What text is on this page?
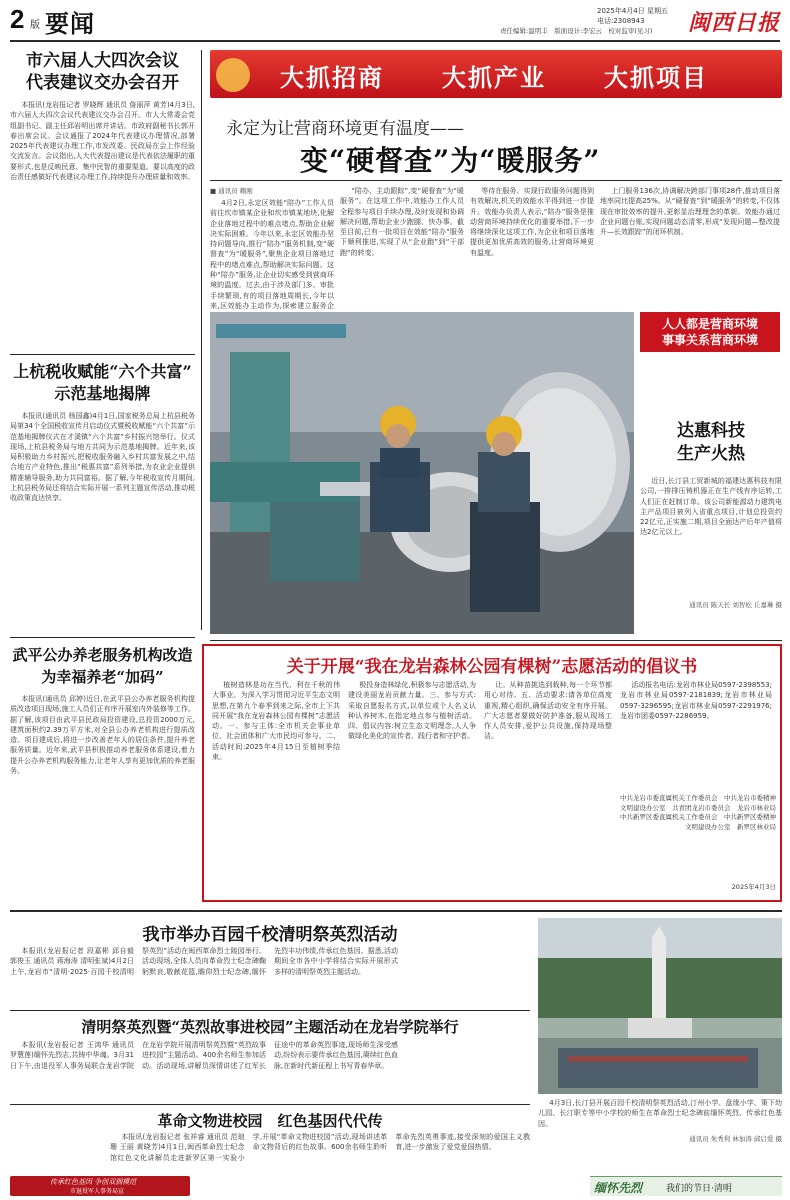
2 版 要闻	2025年4月4日 星期五
电话:2308943
责任编辑:温明丰　版面设计:李宏云　校对监审(见习) 闽西日报
市六届人大四次会议
代表建议交办会召开

本报讯(龙岩报记者 罗晓辉 通讯员 詹丽萍 黄芳)4月3日,市六届人大四次会议代表建议交办会召开。市人大常委会党组副书记、副主任邱岩明出席并讲话。市政府副秘书长郭开春出席会议。会议通报了2024年代表建议办理情况,部署2025年代表建议办理工作,市发改委、民政局在会上作经验交流发言。会议指出,人大代表提出建议是代表依法履职的重要形式,也是反映民意、集中民智的重要渠道。要以高度的政治责任感做好代表建议办理工作,持续提升办理质量和效率。

上杭税收赋能“六个共富”
示范基地揭牌

本报讯(通讯员 杨国鑫)4月1日,国家税务总局上杭县税务局第34个全国税收宣传月启动仪式暨税收赋能“六个共富”示范基地揭牌仪式在才溪镇“六个共富”乡村振兴馆举行。仪式现场,上杭县税务局与地方共同为示范基地揭牌。近年来,该局积极助力乡村振兴,把税收服务融入乡村共富发展之中,结合地方产业特色,推出“税惠共富”系列举措,为农业企业提供精准辅导服务,助力共同富裕。据了解,今年税收宣传月期间,上杭县税务局还将结合实际开展一系列主题宣传活动,推动税收政策直达快享。

武平公办养老服务机构改造
为幸福养老“加码”

本报讯(通讯员 邱婷)近日,在武平县公办养老服务机构提质改造项目现场,施工人员们正有序开展室内外装修等工作。据了解,该项目由武平县民政局投资建设,总投资2000万元,建筑面积约2.39万平方米,对全县公办养老机构进行提质改造。项目建成后,将进一步改善老年人的居住条件,提升养老服务质量。近年来,武平县积极推动养老服务体系建设,着力提升公办养老机构服务能力,让老年人享有更加优质的养老服务。

大抓招商 大抓产业 大抓项目
永定为让营商环境更有温度——
变“硬督查”为“暖服务”
■ 通讯员 赖刚

4月2日,永定区效能“陪办”工作人员前往坎市镇某企业和坎市镇某地块,化解企业落地过程中的难点堵点,帮助企业解决实际困难。今年以来,永定区效能办坚持问题导向,推行“陪办”服务机制,变“硬督查”为“暖服务”,聚焦企业项目落地过程中的堵点难点,帮助解决实际问题。这种“陪办”服务,让企业切实感受到营商环境的温度。过去,由于涉及部门多、审批手续繁琐,有的项目落地周期长,今年以来,区效能办主动作为,探索建立服务企

“陪办、主动跟踪”,变“硬督查”为“暖服务”。在这项工作中,效能办工作人员全程参与项目手续办理,及时发现和协调解决问题,帮助企业少跑腿、快办事。截至目前,已有一批项目在效能“陪办”服务下顺利推进,实现了从“企业跑”到“干部跑”的转变。

等待在服务、实现行政服务问题得到有效解决,机关的效能水平得到进一步提升。效能办负责人表示,“陪办”服务是推动营商环境持续优化的重要举措,下一步将继续深化这项工作,为企业和项目落地提供更加优质高效的服务,让营商环境更有温度。

上门服务136次,协调解决跨部门事项28件,推动项目落地率同比提高25%。从“硬督查”到“暖服务”的转变,不仅体现在审批效率的提升,更彰显治理理念的革新。效能办通过企业问题台账,实现问题动态清零,形成“发现问题—整改提升—长效跟踪”的闭环机制。

人人都是营商环境
事事关系营商环境
达惠科技
生产火热

近日,长汀县工贸新城的福建达惠科技有限公司,一排排压铸机器正在生产线有序运转,工人们正在赶制订单。该公司新能源动力建筑电主产品项目被列入省重点项目,计划总投资约22亿元,正实施二期,项目全面达产后年产值将达2亿元以上。

通讯员 陈天长 刘智松 丘嘉琳 摄
关于开展“我在龙岩森林公园有棵树”志愿活动的倡议书

植树造林是功在当代、利在千秋的伟大事业。为深入学习贯彻习近平生态文明思想,在第九个春季到来之际,全市上下共同开展“我在龙岩森林公园有棵树”志愿活动。一、参与主体:全市机关企事业单位、社会团体和广大市民均可参与。二、活动时间:2025年4月15日至植树季结束。

极投身造林绿化,积极参与志愿活动,为建设美丽龙岩贡献力量。三、参与方式:采取自愿报名方式,以单位或个人名义认种认养树木,在指定地点参与植树活动。四、倡议内容:树立生态文明理念,人人争做绿化美化的宣传者、践行者和守护者。

让。从种苗挑选到栽种,每一个环节都用心对待。五、活动要求:请各单位高度重视,精心组织,确保活动安全有序开展。广大志愿者要做好防护准备,服从现场工作人员安排,爱护公共设施,保持现场整洁。

活动报名电话:龙岩市林业局0597-2398553;龙岩市林业局0597-2181839;龙岩市林业局0597-3296595;龙岩市林业局0597-2291976;龙岩市团委0597-2286959。

中共龙岩市委直属机关工作委员会　中共龙岩市委精神文明建设办公室　共青团龙岩市委员会　龙岩市林业局　中共新罗区委直属机关工作委员会　中共新罗区委精神文明建设办公室　新罗区林业局
2025年4月3日
我市举办百园千校清明祭英烈活动

本报讯(龙岩报记者 段嘉彬 邱自毅 郭俊玉 通讯员 蒋海涛 清明张斌)4月2日上午,龙岩市“清明·2025·百园千校清明祭英烈”活动在闽西革命烈士陵园举行。活动现场,全体人员向革命烈士纪念碑鞠躬默哀,敬献花篮,瞻仰烈士纪念碑,缅怀先烈丰功伟绩,传承红色基因。据悉,活动期间全市各中小学将结合实际开展形式多样的清明祭英烈主题活动。

清明祭英烈暨“英烈故事进校园”主题活动在龙岩学院举行

本报讯(龙岩报记者 王鸿华 通讯员 罗慧莲)缅怀先烈志,共铸中华魂。3月31日下午,由退役军人事务局联合龙岩学院在龙岩学院开展清明祭英烈暨“英烈故事进校园”主题活动。400余名师生参加活动。活动现场,讲解员深情讲述了红军长征途中的革命英烈事迹,现场师生深受感动,纷纷表示要传承红色基因,赓续红色血脉,在新时代新征程上书写青春华章。

革命文物进校园　红色基因代代传

本报讯(龙岩报记者 张祥睿 通讯员 范琅珊 王丽 黄晓芳)4月1日,闽西革命烈士纪念馆红色文化讲解员走进新罗区第一实验小学,开展“革命文物进校园”活动,现场讲述革命文物背后的红色故事。600余名师生聆听革命先烈英勇事迹,接受深刻的爱国主义教育,进一步激发了爱党爱国热情。

4月3日,长汀县开展百园千校清明祭英烈活动,汀州小学、盘缘小学、策下幼儿园、长汀职专等中小学校的师生在革命烈士纪念碑前缅怀英烈、传承红色基因。

通讯员 朱秀利 林加涛 邱启爱 摄
传承红色基因 争创双拥模范
市退役军人事务局宣	缅怀先烈	我们的节日·清明
